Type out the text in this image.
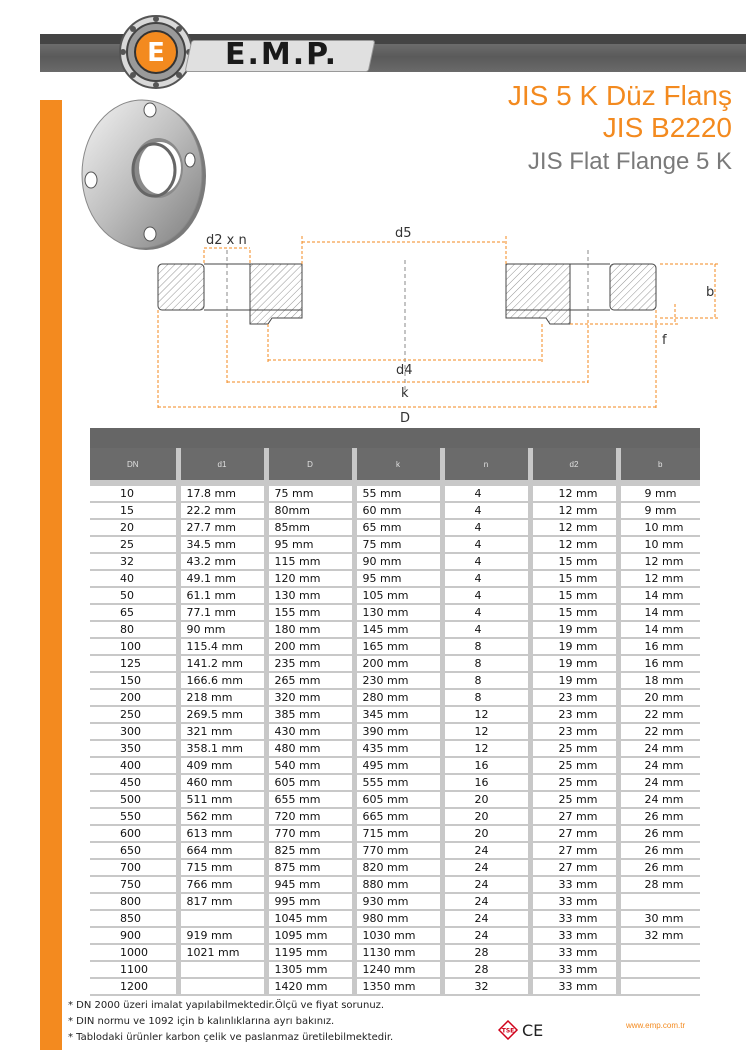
E	E.M.P.
JIS 5 K Düz Flanş
JIS B2220
JIS Flat Flange 5 K
d2 x n	d5
b
f
d4
k
D
DN	d1	D	k	n	d2	b
10	17.8 mm	75 mm	55 mm	4	12 mm	9 mm
15	22.2 mm	80mm	60 mm	4	12 mm	9 mm
20	27.7 mm	85mm	65 mm	4	12 mm	10 mm
25	34.5 mm	95 mm	75 mm	4	12 mm	10 mm
32	43.2 mm	115 mm	90 mm	4	15 mm	12 mm
40	49.1 mm	120 mm	95 mm	4	15 mm	12 mm
50	61.1 mm	130 mm	105 mm	4	15 mm	14 mm
65	77.1 mm	155 mm	130 mm	4	15 mm	14 mm
80	90 mm	180 mm	145 mm	4	19 mm	14 mm
100	115.4 mm	200 mm	165 mm	8	19 mm	16 mm
125	141.2 mm	235 mm	200 mm	8	19 mm	16 mm
150	166.6 mm	265 mm	230 mm	8	19 mm	18 mm
200	218 mm	320 mm	280 mm	8	23 mm	20 mm
250	269.5 mm	385 mm	345 mm	12	23 mm	22 mm
300	321 mm	430 mm	390 mm	12	23 mm	22 mm
350	358.1 mm	480 mm	435 mm	12	25 mm	24 mm
400	409 mm	540 mm	495 mm	16	25 mm	24 mm
450	460 mm	605 mm	555 mm	16	25 mm	24 mm
500	511 mm	655 mm	605 mm	20	25 mm	24 mm
550	562 mm	720 mm	665 mm	20	27 mm	26 mm
600	613 mm	770 mm	715 mm	20	27 mm	26 mm
650	664 mm	825 mm	770 mm	24	27 mm	26 mm
700	715 mm	875 mm	820 mm	24	27 mm	26 mm
750	766 mm	945 mm	880 mm	24	33 mm	28 mm
800	817 mm	995 mm	930 mm	24	33 mm	
850		1045 mm	980 mm	24	33 mm	30 mm
900	919 mm	1095 mm	1030 mm	24	33 mm	32 mm
1000	1021 mm	1195 mm	1130 mm	28	33 mm	
1100		1305 mm	1240 mm	28	33 mm	
1200		1420 mm	1350 mm	32	33 mm	
* DN 2000 üzeri imalat yapılabilmektedir.Ölçü ve fiyat sorunuz.
* DIN normu ve 1092 için b kalınlıklarına ayrı bakınız.
* Tablodaki ürünler karbon çelik ve paslanmaz üretilebilmektedir.
TSE CE	www.emp.com.tr
